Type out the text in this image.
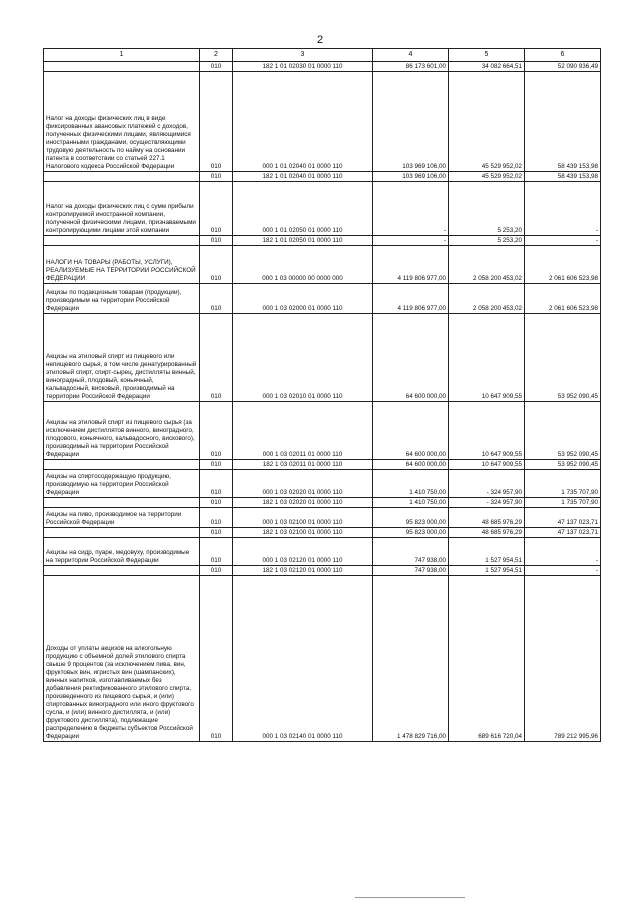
2
1	2	3	4	5	6
	010	182 1 01 02030 01 0000 110	86 173 601,00	34 082 664,51	52 090 936,49
Налог на доходы физических лиц в виде фиксированных авансовых платежей с доходов, полученных физическими лицами, являющимися иностранными гражданами, осуществляющими трудовую деятельность по найму на основании патента в соответствии со статьей 227.1 Налогового кодекса Российской Федерации	010	000 1 01 02040 01 0000 110	103 969 106,00	45 529 952,02	58 439 153,98
	010	182 1 01 02040 01 0000 110	103 969 106,00	45 529 952,02	58 439 153,98
Налог на доходы физических лиц с сумм прибыли контролируемой иностранной компании, полученной физическими лицами, признаваемыми контролирующими лицами этой компании	010	000 1 01 02050 01 0000 110	-	5 253,20	-
	010	182 1 01 02050 01 0000 110	-	5 253,20	-
НАЛОГИ НА ТОВАРЫ (РАБОТЫ, УСЛУГИ), РЕАЛИЗУЕМЫЕ НА ТЕРРИТОРИИ РОССИЙСКОЙ ФЕДЕРАЦИИ	010	000 1 03 00000 00 0000 000	4 119 806 977,00	2 058 200 453,02	2 061 606 523,98
Акцизы по подакцизным товарам (продукции), производимым на территории Российской Федерации	010	000 1 03 02000 01 0000 110	4 119 806 977,00	2 058 200 453,02	2 061 606 523,98
Акцизы на этиловый спирт из пищевого или непищевого сырья, в том числе денатурированный этиловый спирт, спирт-сырец, дистилляты винный, виноградный, плодовый, коньячный, кальвадосный, висковый, производимый на территории Российской Федерации	010	000 1 03 02010 01 0000 110	64 600 000,00	10 647 909,55	53 952 090,45
Акцизы на этиловый спирт из пищевого сырья (за исключением дистиллятов винного, виноградного, плодового, коньячного, кальвадосного, вискового), производимый на территории Российской Федерации	010	000 1 03 02011 01 0000 110	64 600 000,00	10 647 909,55	53 952 090,45
	010	182 1 03 02011 01 0000 110	64 600 000,00	10 647 909,55	53 952 090,45
Акцизы на спиртосодержащую продукцию, производимую на территории Российской Федерации	010	000 1 03 02020 01 0000 110	1 410 750,00	- 324 957,90	1 735 707,90
	010	182 1 03 02020 01 0000 110	1 410 750,00	- 324 957,90	1 735 707,90
Акцизы на пиво, производимое на территории Российской Федерации	010	000 1 03 02100 01 0000 110	95 823 000,00	48 685 976,29	47 137 023,71
	010	182 1 03 02100 01 0000 110	95 823 000,00	48 685 976,29	47 137 023,71
Акцизы на сидр, пуаре, медовуху, производимые на территории Российской Федерации	010	000 1 03 02120 01 0000 110	747 938,00	1 527 954,51	-
	010	182 1 03 02120 01 0000 110	747 938,00	1 527 954,51	-
Доходы от уплаты акцизов на алкогольную продукцию с объемной долей этилового спирта свыше 9 процентов (за исключением пива, вин, фруктовых вин, игристых вин (шампанских), винных напитков, изготавливаемых без добавления ректификованного этилового спирта, произведенного из пищевого сырья, и (или) спиртованных виноградного или иного фруктового сусла, и (или) винного дистиллята, и (или) фруктового дистиллята), подлежащие распределению в бюджеты субъектов Российской Федерации	010	000 1 03 02140 01 0000 110	1 478 829 716,00	689 616 720,04	789 212 995,96
